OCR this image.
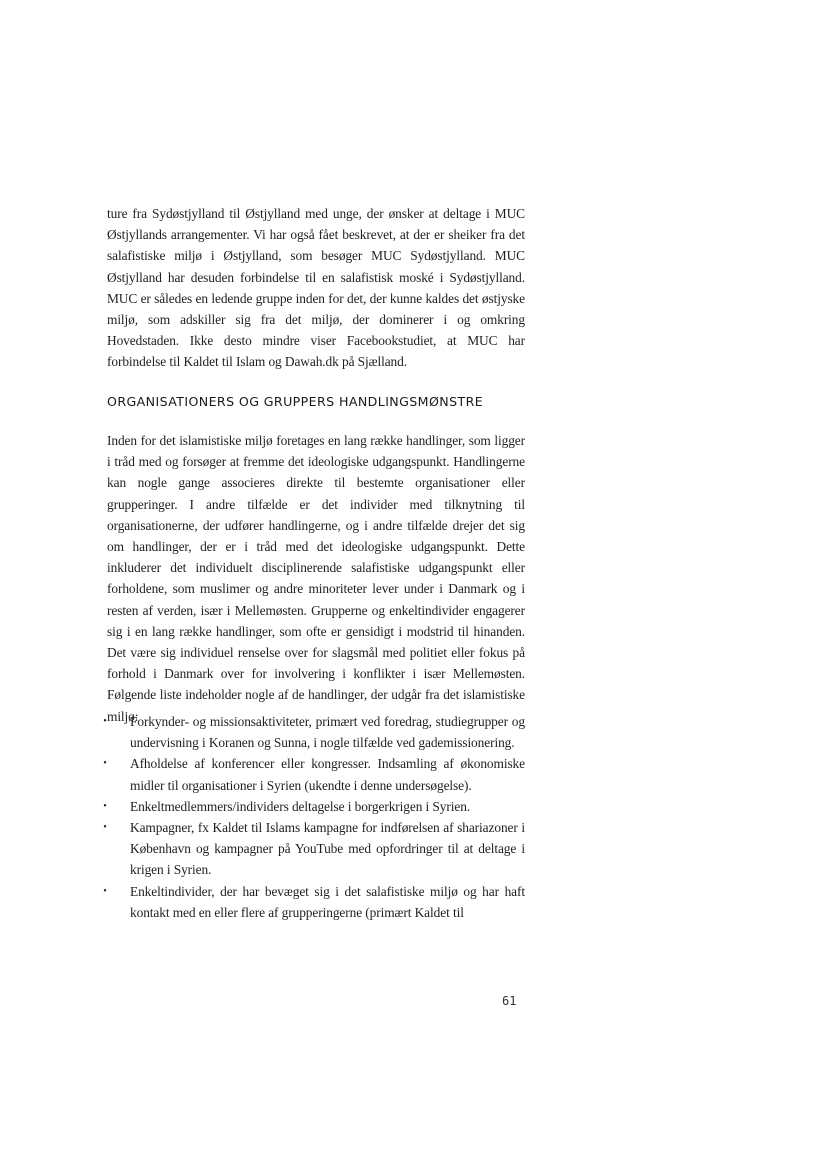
ture fra Sydøstjylland til Østjylland med unge, der ønsker at deltage i MUC Østjyllands arrangementer. Vi har også fået beskrevet, at der er sheiker fra det salafistiske miljø i Østjylland, som besøger MUC Sydøstjylland. MUC Østjylland har desuden forbindelse til en salafistisk moské i Sydøstjylland. MUC er således en ledende gruppe inden for det, der kunne kaldes det østjyske miljø, som adskiller sig fra det miljø, der dominerer i og omkring Hovedstaden. Ikke desto mindre viser Facebookstudiet, at MUC har forbindelse til Kaldet til Islam og Dawah.dk på Sjælland.

ORGANISATIONERS OG GRUPPERS HANDLINGSMØNSTRE

Inden for det islamistiske miljø foretages en lang række handlinger, som ligger i tråd med og forsøger at fremme det ideologiske udgangspunkt. Handlingerne kan nogle gange associeres direkte til bestemte organisationer eller grupperinger. I andre tilfælde er det individer med tilknytning til organisationerne, der udfører handlingerne, og i andre tilfælde drejer det sig om handlinger, der er i tråd med det ideologiske udgangspunkt. Dette inkluderer det individuelt disciplinerende salafistiske udgangspunkt eller forholdene, som muslimer og andre minoriteter lever under i Danmark og i resten af verden, især i Mellemøsten. Grupperne og enkeltindivider engagerer sig i en lang række handlinger, som ofte er gensidigt i modstrid til hinanden. Det være sig individuel renselse over for slagsmål med politiet eller fokus på forhold i Danmark over for involvering i konflikter i især Mellemøsten. Følgende liste indeholder nogle af de handlinger, der udgår fra det islamistiske miljø:

• Forkynder- og missionsaktiviteter, primært ved foredrag, studiegrupper og undervisning i Koranen og Sunna, i nogle tilfælde ved gademissionering.
• Afholdelse af konferencer eller kongresser. Indsamling af økonomiske midler til organisationer i Syrien (ukendte i denne undersøgelse).
• Enkeltmedlemmers/individers deltagelse i borgerkrigen i Syrien.
• Kampagner, fx Kaldet til Islams kampagne for indførelsen af shariazoner i København og kampagner på YouTube med opfordringer til at deltage i krigen i Syrien.
• Enkeltindivider, der har bevæget sig i det salafistiske miljø og har haft kontakt med en eller flere af grupperingerne (primært Kaldet til
61
